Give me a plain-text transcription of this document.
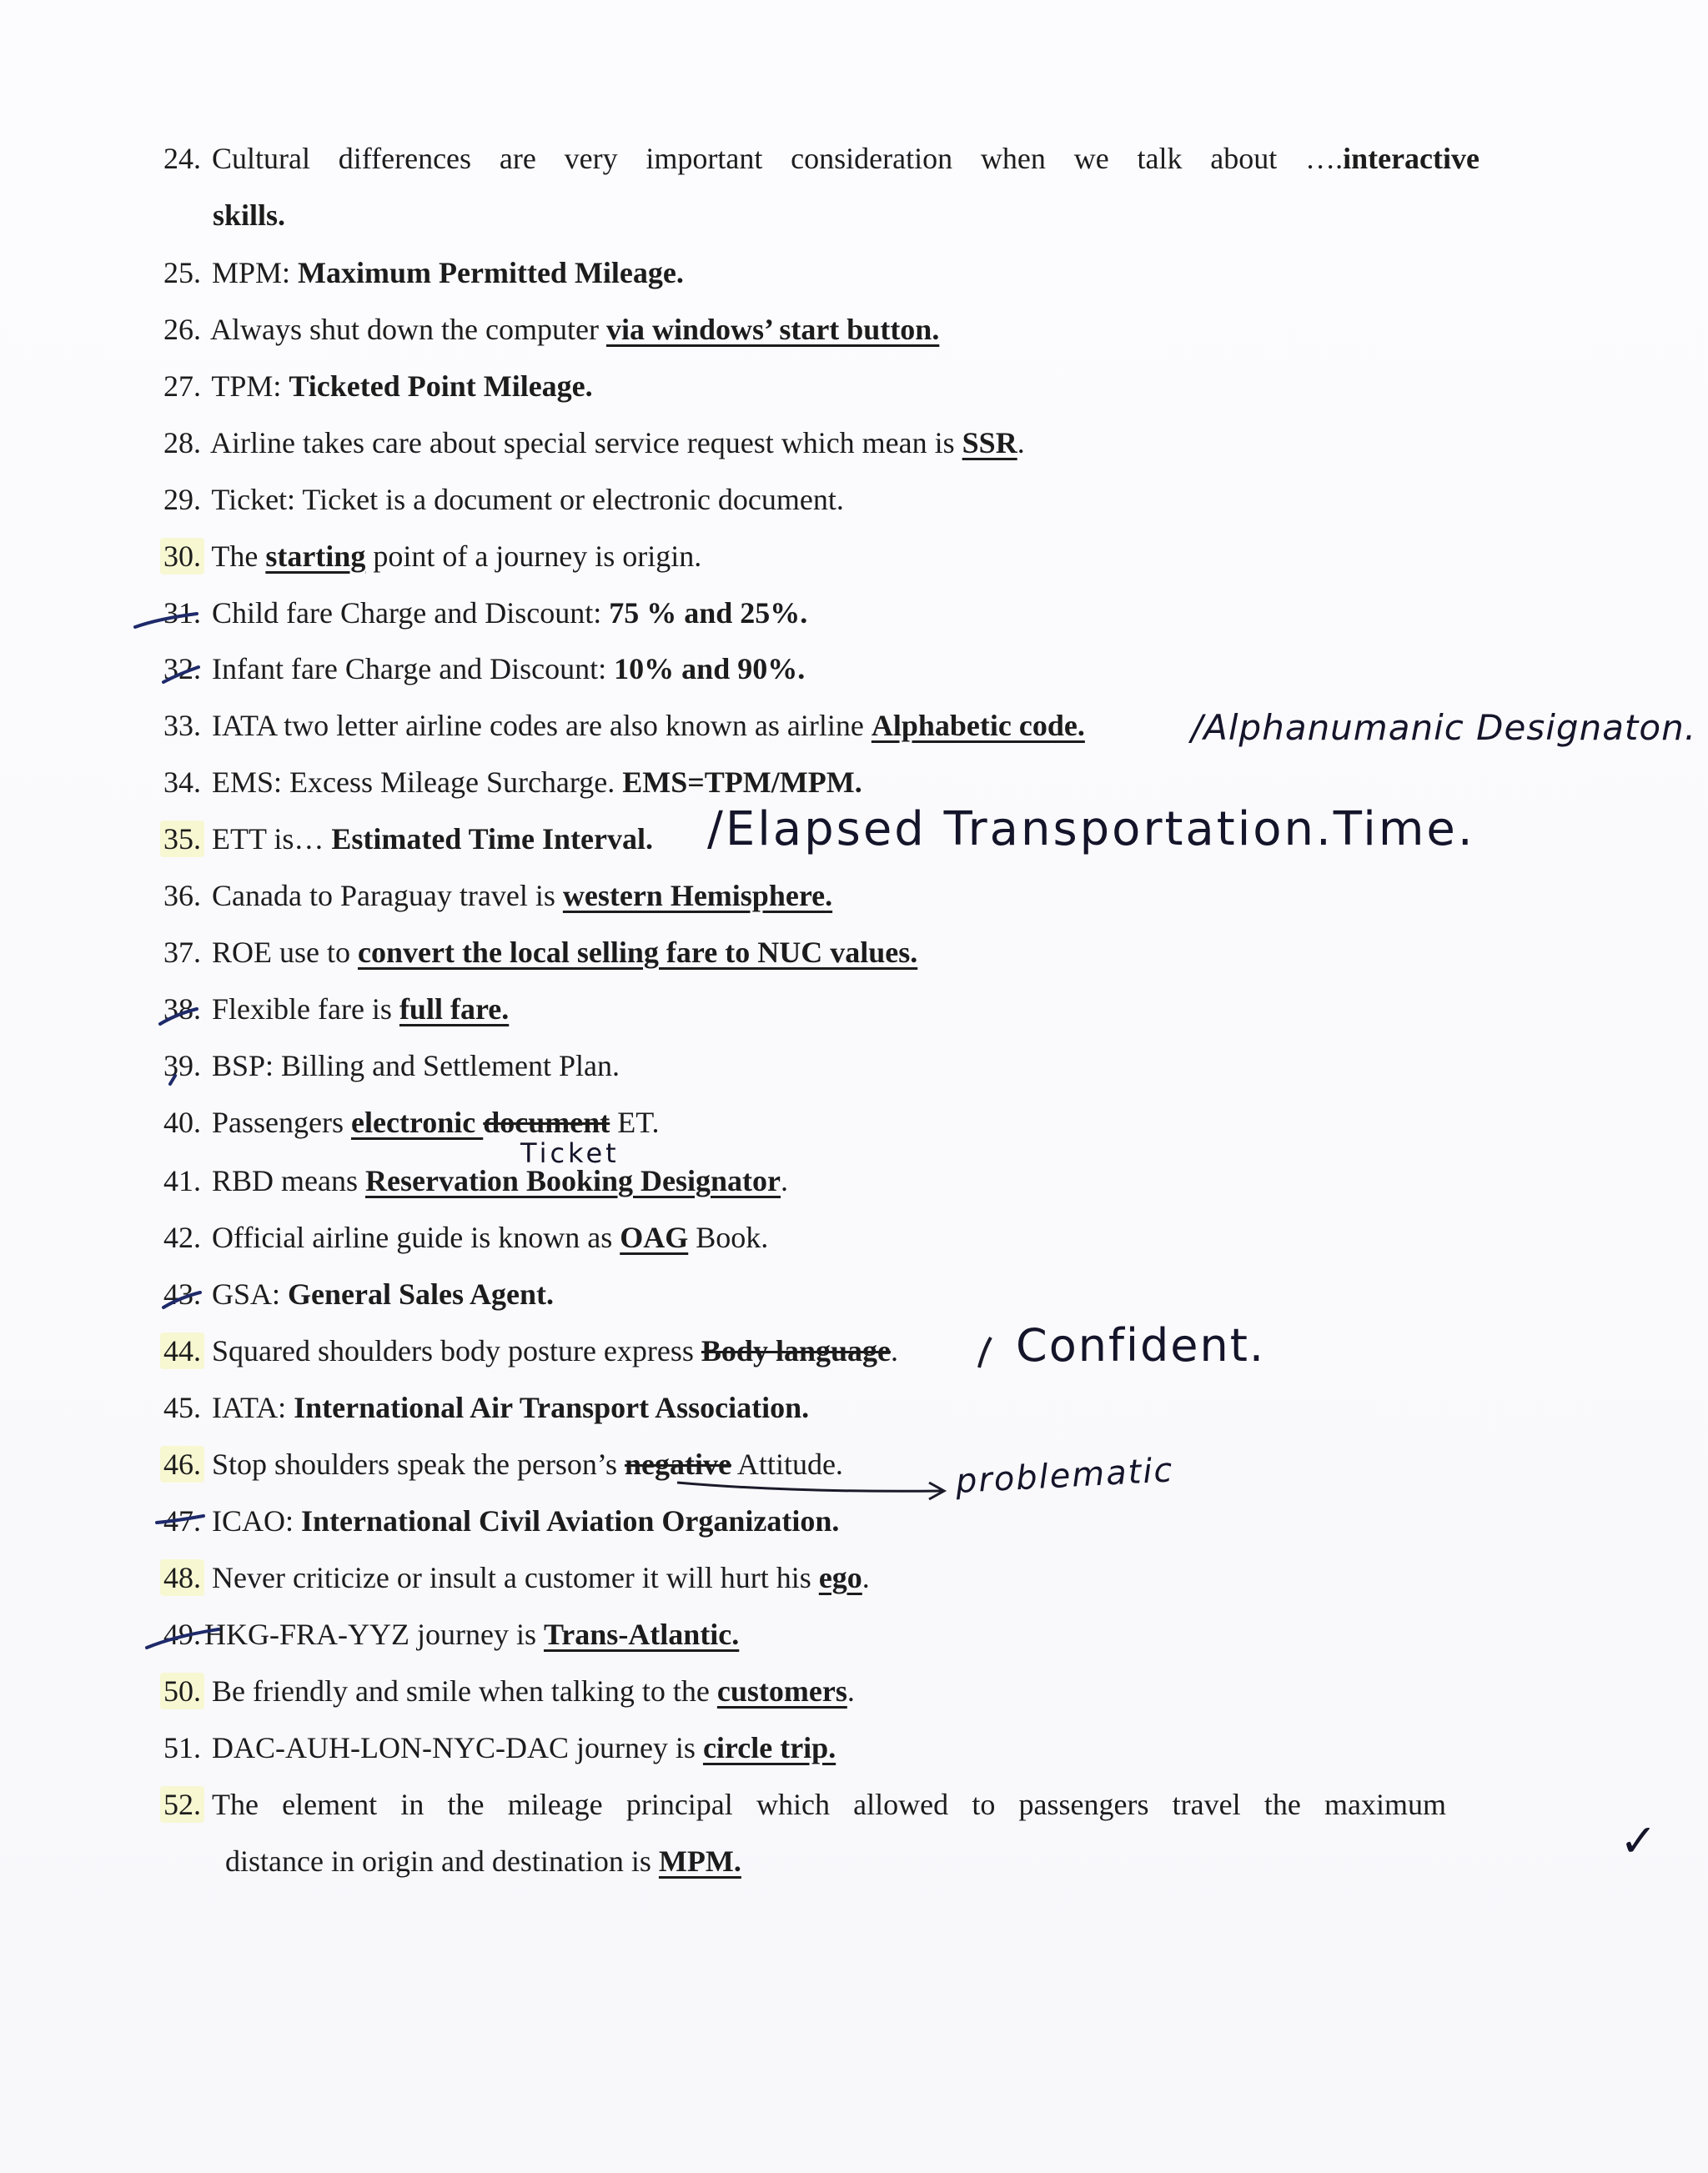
24. Cultural differences are very important consideration when we talk about ….interactive
skills.
25. MPM: Maximum Permitted Mileage.
26. Always shut down the computer via windows’ start button.
27. TPM: Ticketed Point Mileage.
28. Airline takes care about special service request which mean is SSR.
29. Ticket: Ticket is a document or electronic document.
30. The starting point of a journey is origin.
31. Child fare Charge and Discount: 75 % and 25%.
32. Infant fare Charge and Discount: 10% and 90%.
33. IATA two letter airline codes are also known as airline Alphabetic code.
34. EMS: Excess Mileage Surcharge. EMS=TPM/MPM.
35. ETT is… Estimated Time Interval.
36. Canada to Paraguay travel is western Hemisphere.
37. ROE use to convert the local selling fare to NUC values.
38. Flexible fare is full fare.
39. BSP: Billing and Settlement Plan.
40. Passengers electronic document ET.
41. RBD means Reservation Booking Designator.
42. Official airline guide is known as OAG Book.
43. GSA: General Sales Agent.
44. Squared shoulders body posture express Body language.
45. IATA: International Air Transport Association.
46. Stop shoulders speak the person’s negative Attitude.
47. ICAO: International Civil Aviation Organization.
48. Never criticize or insult a customer it will hurt his ego.
49. HKG-FRA-YYZ journey is Trans-Atlantic.
50. Be friendly and smile when talking to the customers.
51. DAC-AUH-LON-NYC-DAC journey is circle trip.
52. The element in the mileage principal which allowed to passengers travel the maximum
distance in origin and destination is MPM.
/Alphanumanic Designaton.
/Elapsed Transportation.Time.
Ticket
Confident.
problematic
✓
